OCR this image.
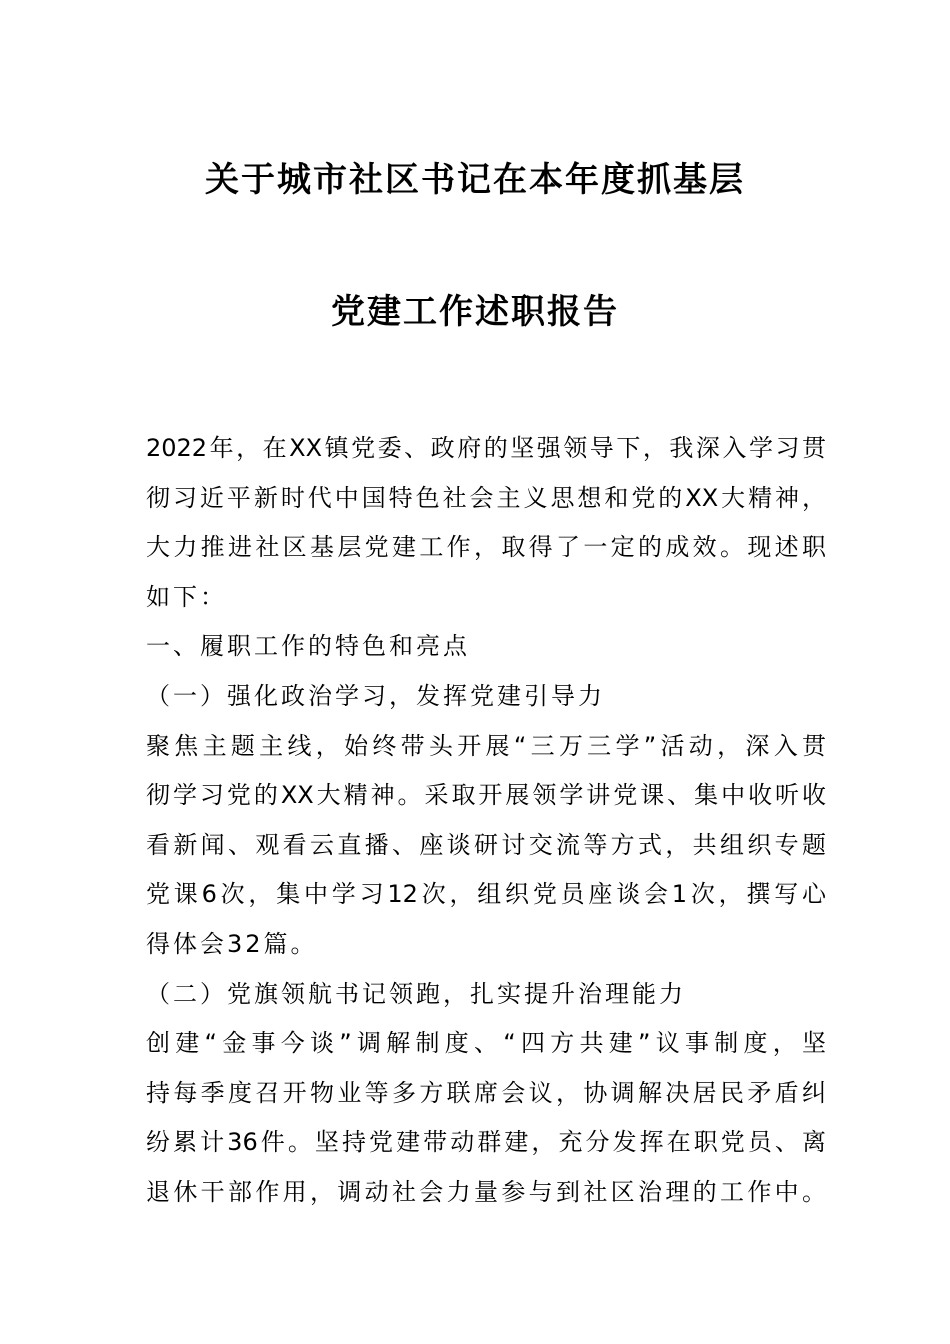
关于城市社区书记在本年度抓基层
党建工作述职报告
2022年，在XX镇党委、政府的坚强领导下，我深入学习贯
彻习近平新时代中国特色社会主义思想和党的XX大精神，
大力推进社区基层党建工作，取得了一定的成效。现述职
如下：
一、履职工作的特色和亮点
（一）强化政治学习，发挥党建引导力
聚焦主题主线，始终带头开展“三万三学”活动，深入贯
彻学习党的XX大精神。采取开展领学讲党课、集中收听收
看新闻、观看云直播、座谈研讨交流等方式，共组织专题
党课6次，集中学习12次，组织党员座谈会1次，撰写心
得体会32篇。
（二）党旗领航书记领跑，扎实提升治理能力
创建“金事今谈”调解制度、“四方共建”议事制度，坚
持每季度召开物业等多方联席会议，协调解决居民矛盾纠
纷累计36件。坚持党建带动群建，充分发挥在职党员、离
退休干部作用，调动社会力量参与到社区治理的工作中。
